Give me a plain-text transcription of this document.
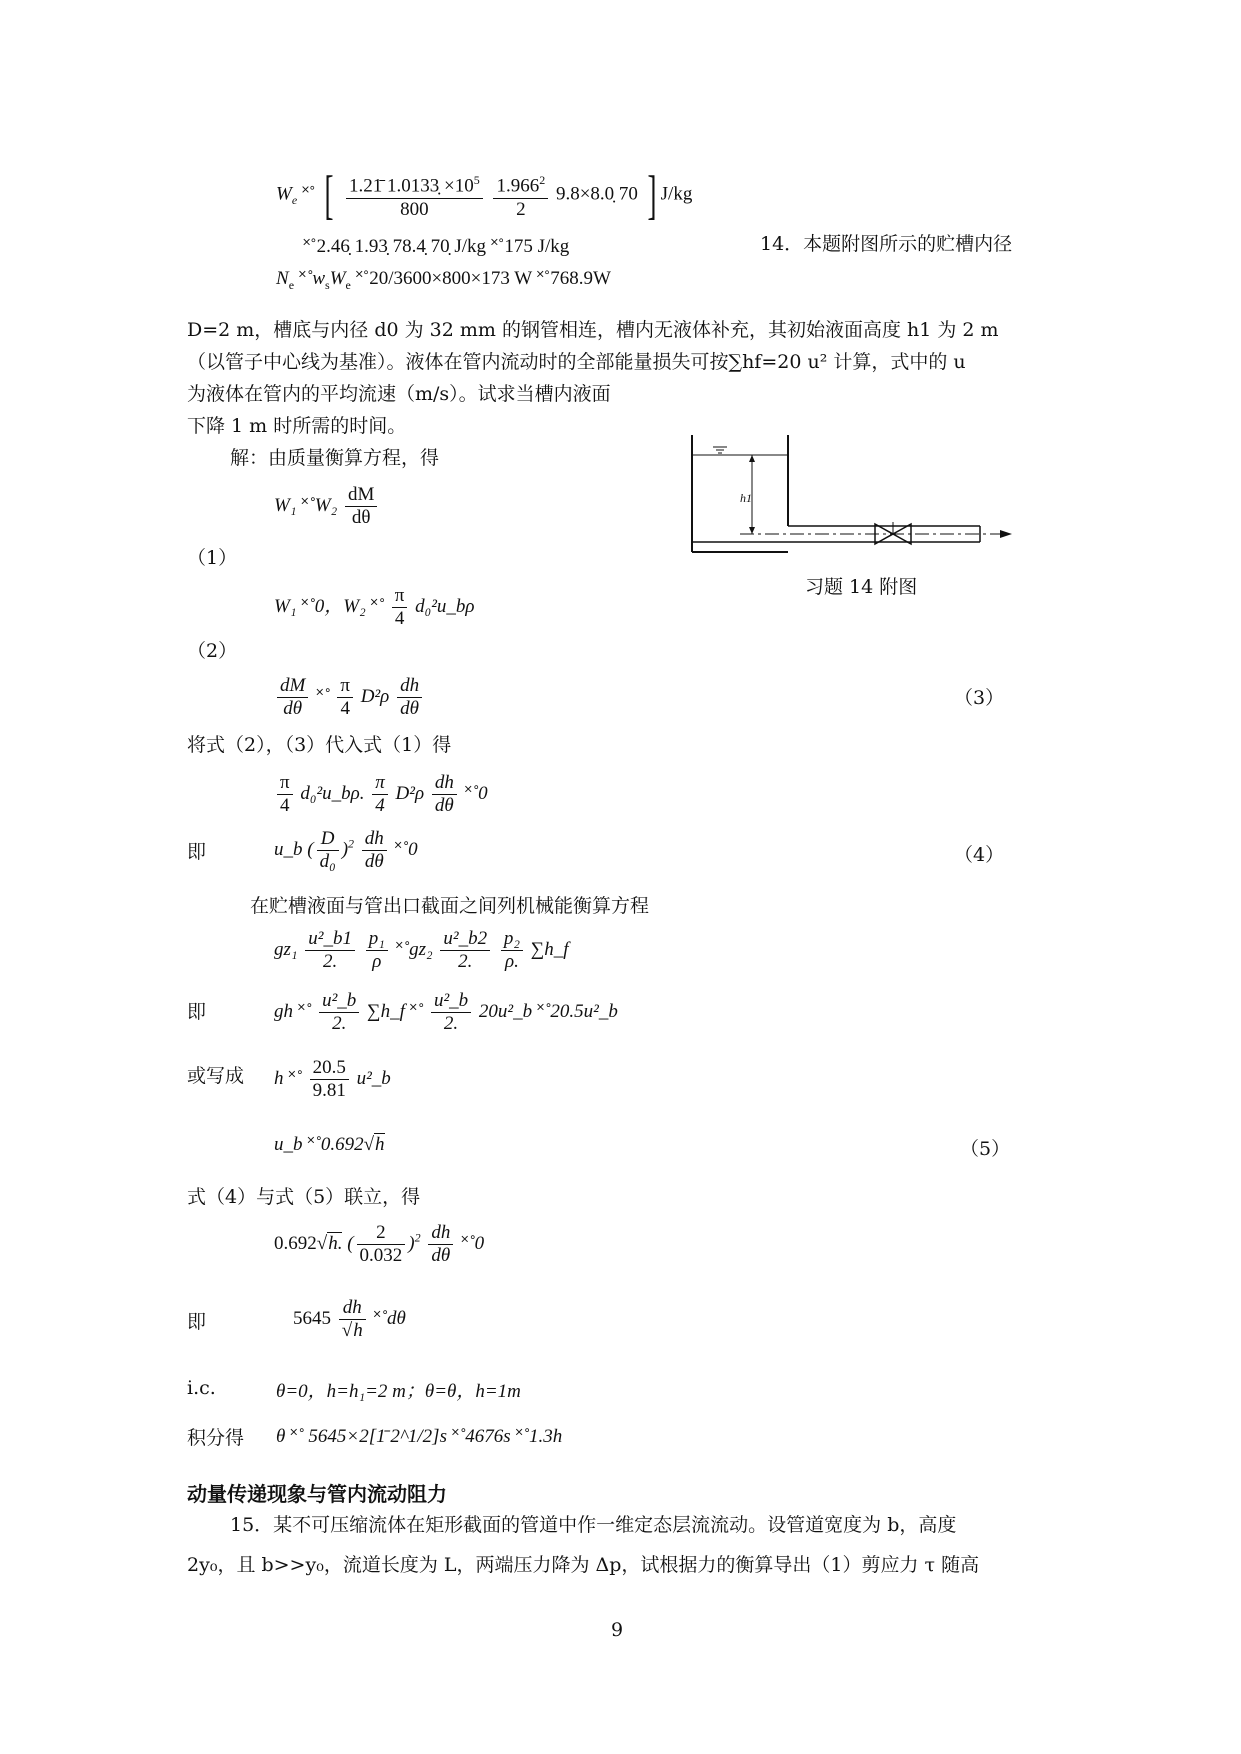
$W_e$ ˟˚ [ $\frac{1.21̄ 1.0133̣ \times 10^5}{800}$
$\frac{1.966^2}{2}$ 9.8×8.0̣ 70 ] J/kg
˟˚2.46̣ 1.93̣ 78.4̣ 70̣ J/kg ˟˚175 J/kg
$N_e$ $˟˚w_sW_e$ ˟˚20/3600×800×173 W ˟˚768.9W
14．本题附图所示的贮槽内径
D=2 m，槽底与内径 d0 为 32 mm 的钢管相连，槽内无液体补充，其初始液面高度 h1 为 2 m
（以管子中心线为基准）。液体在管内流动时的全部能量损失可按∑hf=20 u² 计算，式中的 u
为液体在管内的平均流速（m/s）。试求当槽内液面
下降 1 m 时所需的时间。
解：由质量衡算方程，得
h1
习题 14 附图
W₁ ˟˚W₂ $\frac{dM}{d\theta}$
（1）
W₁ ˟˚0，W₂ ˟˚ $\frac{\pi}{4}$ d₀²u_bρ
（2）
$\frac{dM}{d\theta}$ ˟˚ $\frac{\pi}{4} D^2\rho \frac{dh}{d\theta}$	（3）
将式（2），（3）代入式（1）得
$\frac{\pi}{4}$ d₀²u_bρ. $\frac{\pi}{4} D^2\rho \frac{dh}{d\theta}$ ˟˚0
即	u_b ( $\frac{D}{\text{d₀}} )^2 \frac{dh}{d\theta}$ ˟˚0	（4）
在贮槽液面与管出口截面之间列机械能衡算方程
$gz_1 \frac{\text{u²\_b1}}{2.}$
$\frac{\text{p₁}}{\rho}$ ˟˚gz₂ $\frac{\text{u²\_b2}}{2.}$
$\frac{\text{p₂}}{\rho.}$ ∑h_f
即	gh ˟˚ $\frac{\text{u²\_b}}{2.}$ ∑h_f ˟˚ $\frac{\text{u²\_b}}{2.}$ 20u²_b ˟˚20.5u²_b
或写成 h ˟˚ $\frac{20.5}{9.81}$ u²_b
u_b ˟˚0.692√h	（5）
式（4）与式（5）联立，得
0.692√h. ( $\frac{2}{0.032} )^2 \frac{dh}{d\theta}$ ˟˚0
即	$5645 \frac{dh}{√h}$ ˟˚dθ
i.c.	θ=0，h=h₁=2 m；θ=θ，h=1m
积分得 θ ˟˚ 5645×2[1̄ 2^1/2]s ˟˚4676s ˟˚1.3h
动量传递现象与管内流动阻力
15．某不可压缩流体在矩形截面的管道中作一维定态层流流动。设管道宽度为 b，高度
2y₀，且 b>>y₀，流道长度为 L，两端压力降为 Δp，试根据力的衡算导出（1）剪应力 τ 随高
9
